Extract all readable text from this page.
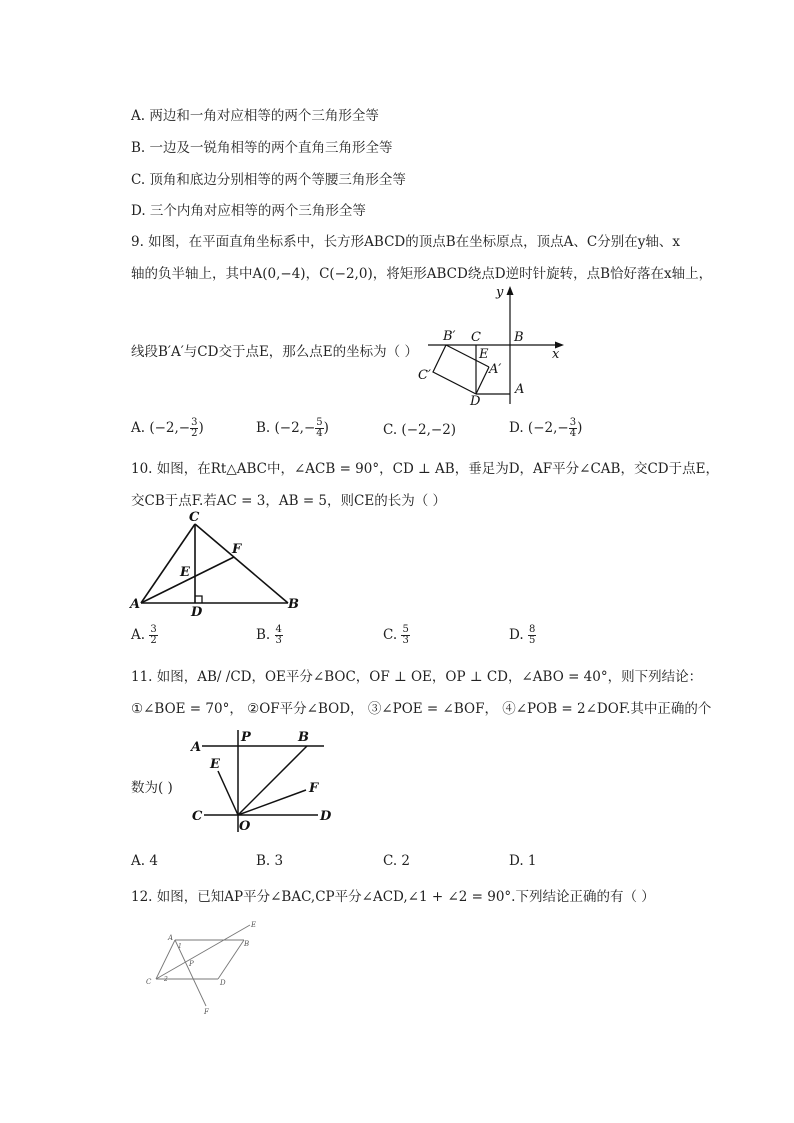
A. 两边和一角对应相等的两个三角形全等
B. 一边及一锐角相等的两个直角三角形全等
C. 顶角和底边分别相等的两个等腰三角形全等
D. 三个内角对应相等的两个三角形全等
9. 如图，在平面直角坐标系中，长方形ABCD的顶点B在坐标原点，顶点A、C分别在y轴、x
轴的负半轴上，其中A(0,−4)，C(−2,0)，将矩形ABCD绕点D逆时针旋转，点B恰好落在x轴上，
线段B′A′与CD交于点E，那么点E的坐标为（ ）
y
x
B′ C	B
E
A′
C′
D
A
A. ($-2,- \frac{3}{2}$ )	B. ($-2,- \frac{5}{4}$ )	C. (−2,−2)	D. ($-2,- \frac{3}{4}$ )
10. 如图，在Rt△ABC中，∠ACB = 90°，CD ⊥ AB，垂足为D，AF平分∠CAB，交CD于点E，
交CB于点F.若AC = 3，AB = 5，则CE的长为（ ）
C
F
E
A
D
B
A. $\frac{3}{2}$	B. $\frac{4}{3}$	C. $\frac{5}{3}$	D. $\frac{8}{5}$
11. 如图，AB/ /CD，OE平分∠BOC，OF ⊥ OE，OP ⊥ CD，∠ABO = 40°，则下列结论：
①∠BOE = 70°， ②OF平分∠BOD， ③∠POE = ∠BOF， ④∠POB = 2∠DOF.其中正确的个
数为( )
A
P	B
E
F
C
O
D
A. 4	B. 3	C. 2	D. 1
12. 如图，已知AP平分∠BAC,CP平分∠ACD,∠1 + ∠2 = 90°.下列结论正确的有（ ）
A
1
E
B
P
C 2	D
F
